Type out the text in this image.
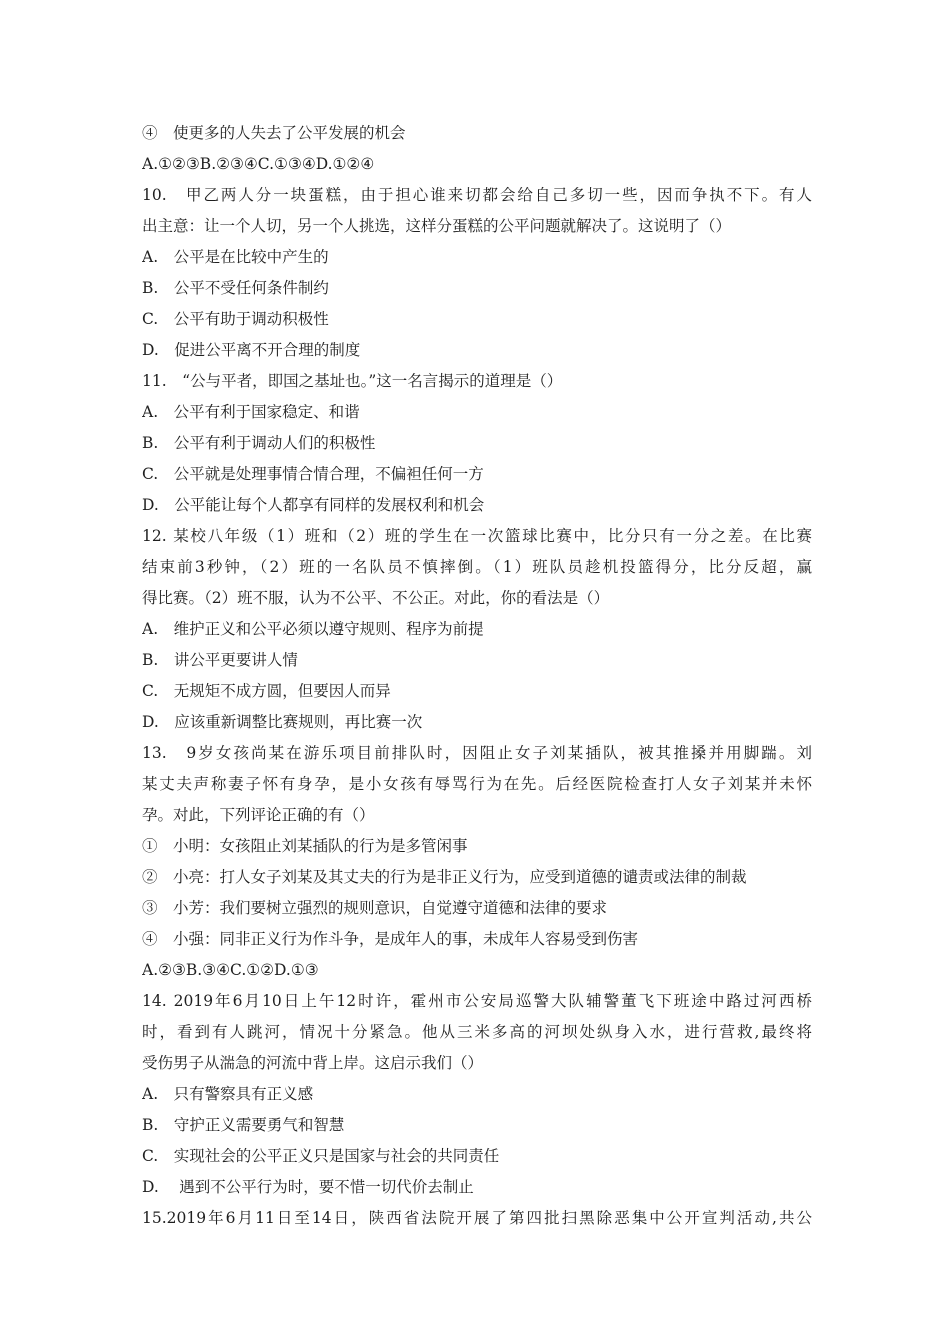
④　使更多的人失去了公平发展的机会
A.①②③B.②③④C.①③④D.①②④
10.　甲乙两人分一块蛋糕，由于担心谁来切都会给自己多切一些，因而争执不下。有人
出主意：让一个人切，另一个人挑选，这样分蛋糕的公平问题就解决了。这说明了（）
A.　公平是在比较中产生的
B.　公平不受任何条件制约
C.　公平有助于调动积极性
D.　促进公平离不开合理的制度
11.　“公与平者，即国之基址也。”这一名言揭示的道理是（）
A.　公平有利于国家稳定、和谐
B.　公平有利于调动人们的积极性
C.　公平就是处理事情合情合理，不偏袒任何一方
D.　公平能让每个人都享有同样的发展权利和机会
12. 某校八年级（1）班和（2）班的学生在一次篮球比赛中，比分只有一分之差。在比赛
结束前3秒钟，（2）班的一名队员不慎摔倒。（1）班队员趁机投篮得分，比分反超，赢
得比赛。（2）班不服，认为不公平、不公正。对此，你的看法是（）
A.　维护正义和公平必须以遵守规则、程序为前提
B.　讲公平更要讲人情
C.　无规矩不成方圆，但要因人而异
D.　应该重新调整比赛规则，再比赛一次
13.　9岁女孩尚某在游乐项目前排队时，因阻止女子刘某插队，被其推搡并用脚踹。刘
某丈夫声称妻子怀有身孕，是小女孩有辱骂行为在先。后经医院检查打人女子刘某并未怀
孕。对此，下列评论正确的有（）
①　小明：女孩阻止刘某插队的行为是多管闲事
②　小亮：打人女子刘某及其丈夫的行为是非正义行为，应受到道德的谴责或法律的制裁
③　小芳：我们要树立强烈的规则意识，自觉遵守道德和法律的要求
④　小强：同非正义行为作斗争，是成年人的事，未成年人容易受到伤害
A.②③B.③④C.①②D.①③
14. 2019年6月10日上午12时许，霍州市公安局巡警大队辅警董飞下班途中路过河西桥
时，看到有人跳河，情况十分紧急。他从三米多高的河坝处纵身入水，进行营救,最终将
受伤男子从湍急的河流中背上岸。这启示我们（）
A.　只有警察具有正义感
B.　守护正义需要勇气和智慧
C.　实现社会的公平正义只是国家与社会的共同责任
D.　 遇到不公平行为时，要不惜一切代价去制止
15.2019年6月11日至14日，陕西省法院开展了第四批扫黑除恶集中公开宣判活动,共公
